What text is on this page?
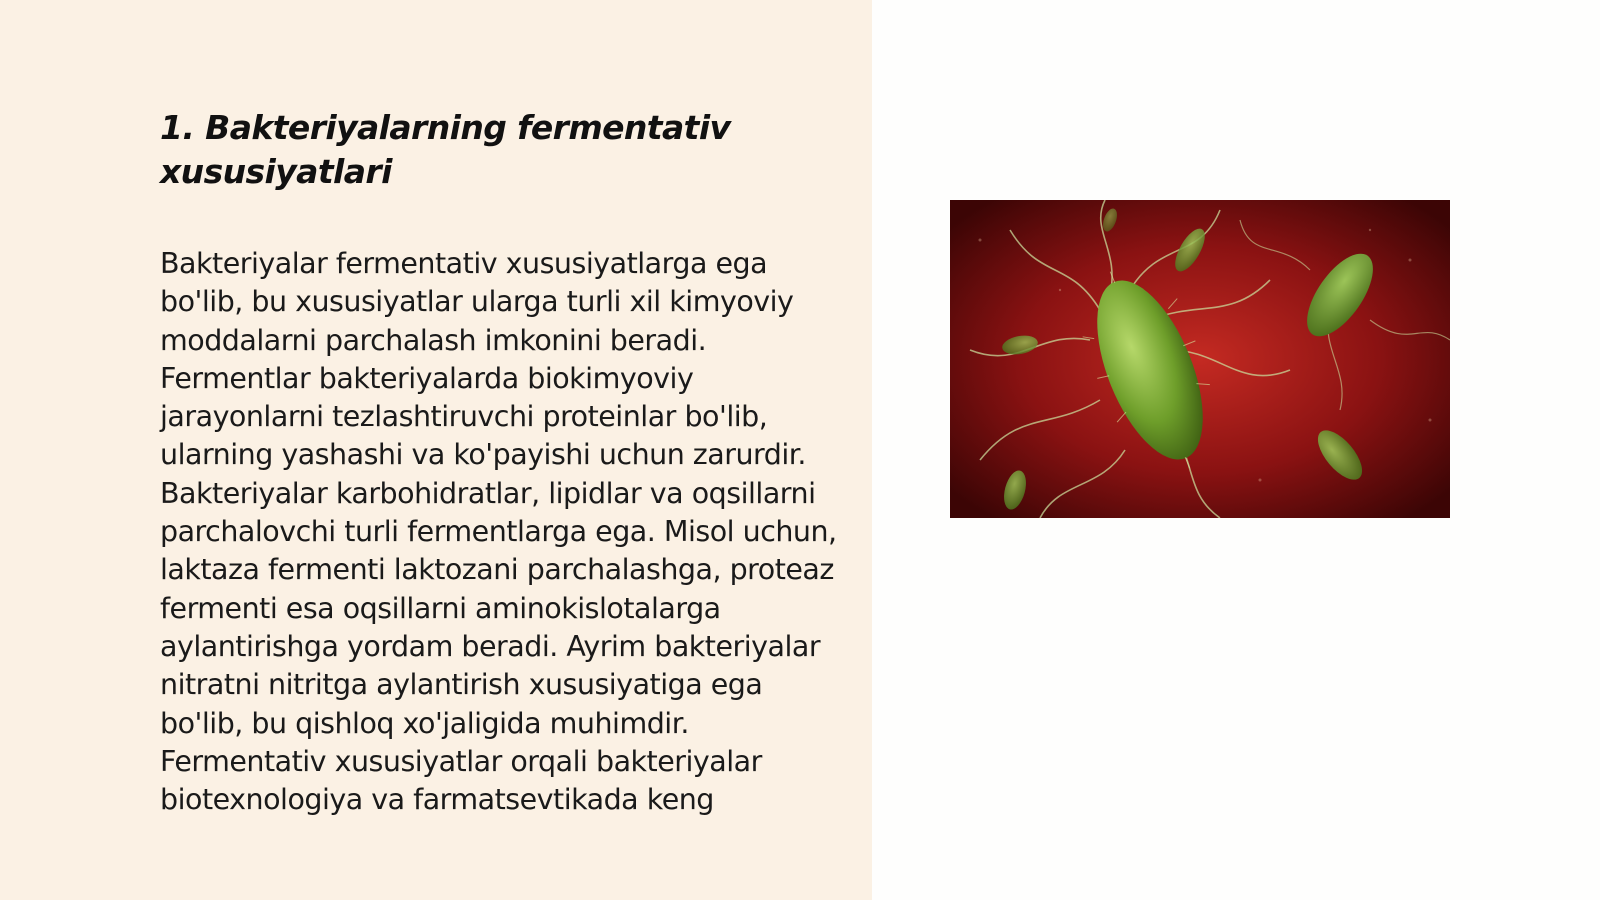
1. Bakteriyalarning fermentativ xususiyatlari

Bakteriyalar fermentativ xususiyatlarga ega bo'lib, bu xususiyatlar ularga turli xil kimyoviy moddalarni parchalash imkonini beradi. Fermentlar bakteriyalarda biokimyoviy jarayonlarni tezlashtiruvchi proteinlar bo'lib, ularning yashashi va ko'payishi uchun zarurdir. Bakteriyalar karbohidratlar, lipidlar va oqsillarni parchalovchi turli fermentlarga ega. Misol uchun, laktaza fermenti laktozani parchalashga, proteaz fermenti esa oqsillarni aminokislotalarga aylantirishga yordam beradi. Ayrim bakteriyalar nitratni nitritga aylantirish xususiyatiga ega bo'lib, bu qishloq xo'jaligida muhimdir. Fermentativ xususiyatlar orqali bakteriyalar biotexnologiya va farmatsevtikada keng
